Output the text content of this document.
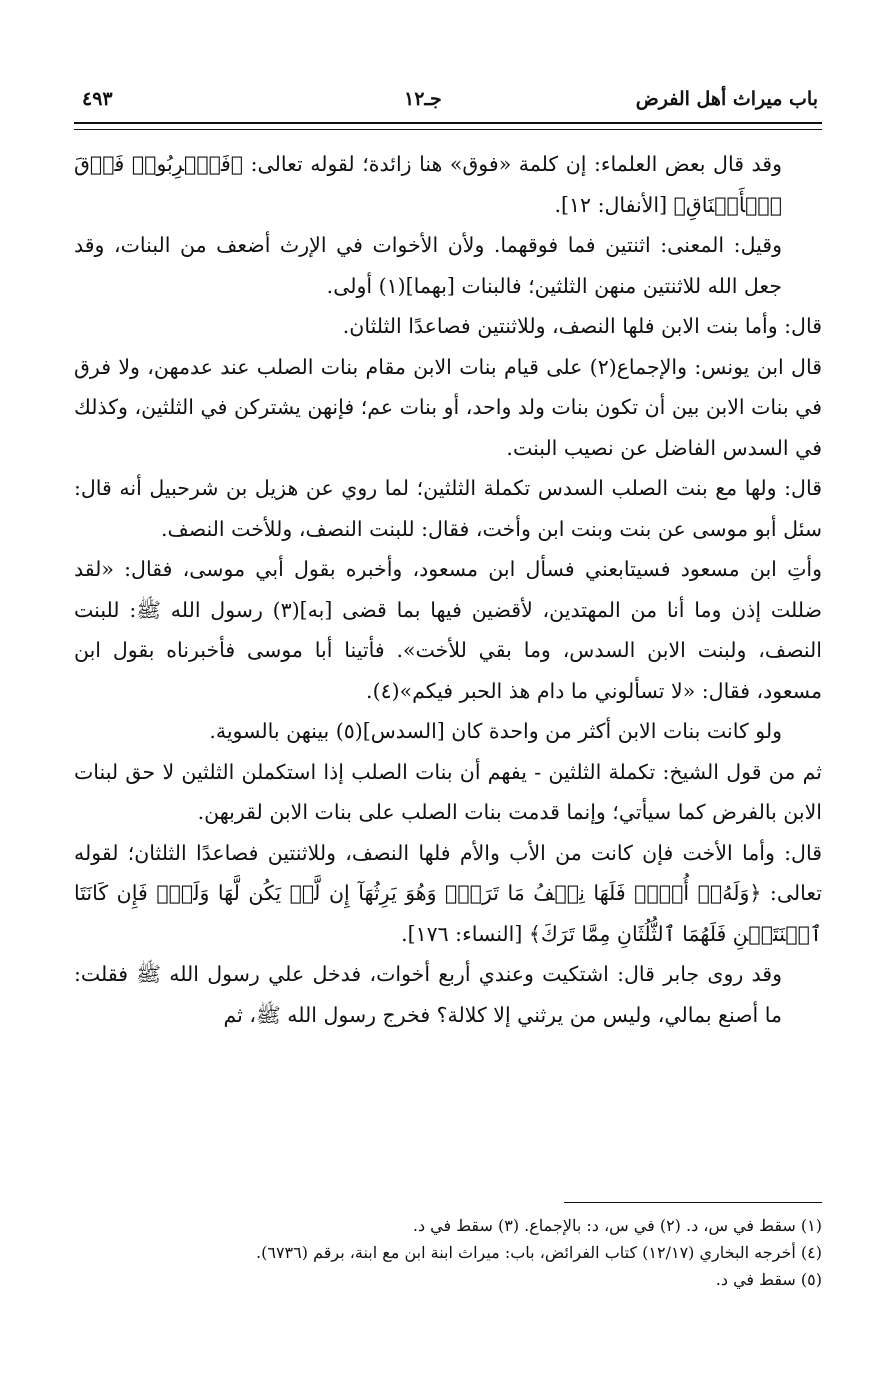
باب ميراث أهل الفرض
جـ١٢
٤٩٣

وقد قال بعض العلماء: إن كلمة «فوق» هنا زائدة؛ لقوله تعالى: ﴿فَٱضۡرِبُوا۟ فَوۡقَ ٱلۡأَعۡنَاقِ﴾ [الأنفال: ١٢].

وقيل: المعنى: اثنتين فما فوقهما. ولأن الأخوات في الإرث أضعف من البنات، وقد جعل الله للاثنتين منهن الثلثين؛ فالبنات [بهما](١) أولى.

قال: وأما بنت الابن فلها النصف، وللاثنتين فصاعدًا الثلثان.

قال ابن يونس: والإجماع(٢) على قيام بنات الابن مقام بنات الصلب عند عدمهن، ولا فرق في بنات الابن بين أن تكون بنات ولد واحد، أو بنات عم؛ فإنهن يشتركن في الثلثين، وكذلك في السدس الفاضل عن نصيب البنت.

قال: ولها مع بنت الصلب السدس تكملة الثلثين؛ لما روي عن هزيل بن شرحبيل أنه قال: سئل أبو موسى عن بنت وبنت ابن وأخت، فقال: للبنت النصف، وللأخت النصف.

وأتِ ابن مسعود فسيتابعني فسأل ابن مسعود، وأخبره بقول أبي موسى، فقال: «لقد ضللت إذن وما أنا من المهتدين، لأقضين فيها بما قضى [به](٣) رسول الله ﷺ: للبنت النصف، ولبنت الابن السدس، وما بقي للأخت». فأتينا أبا موسى فأخبرناه بقول ابن مسعود، فقال: «لا تسألوني ما دام هذ الحبر فيكم»(٤).

ولو كانت بنات الابن أكثر من واحدة كان [السدس](٥) بينهن بالسوية.

ثم من قول الشيخ: تكملة الثلثين - يفهم أن بنات الصلب إذا استكملن الثلثين لا حق لبنات الابن بالفرض كما سيأتي؛ وإنما قدمت بنات الصلب على بنات الابن لقربهن.

قال: وأما الأخت فإن كانت من الأب والأم فلها النصف، وللاثنتين فصاعدًا الثلثان؛ لقوله تعالى: ﴿وَلَهُۥٓ أُخۡتٞ فَلَهَا نِصۡفُ مَا تَرَكَۚ وَهُوَ يَرِثُهَآ إِن لَّمۡ يَكُن لَّهَا وَلَدٞۚ فَإِن كَانَتَا ٱثۡنَتَيۡنِ فَلَهُمَا ٱلثُّلُثَانِ مِمَّا تَرَكَ﴾ [النساء: ١٧٦].

وقد روى جابر قال: اشتكيت وعندي أربع أخوات، فدخل علي رسول الله ﷺ فقلت: ما أصنع بمالي، وليس من يرثني إلا كلالة؟ فخرج رسول الله ﷺ، ثم

(١) سقط في س، د. (٢) في س، د: بالإجماع. (٣) سقط في د.
(٤) أخرجه البخاري (١٢/١٧) كتاب الفرائض، باب: ميراث ابنة ابن مع ابنة، برقم (٦٧٣٦).
(٥) سقط في د.
